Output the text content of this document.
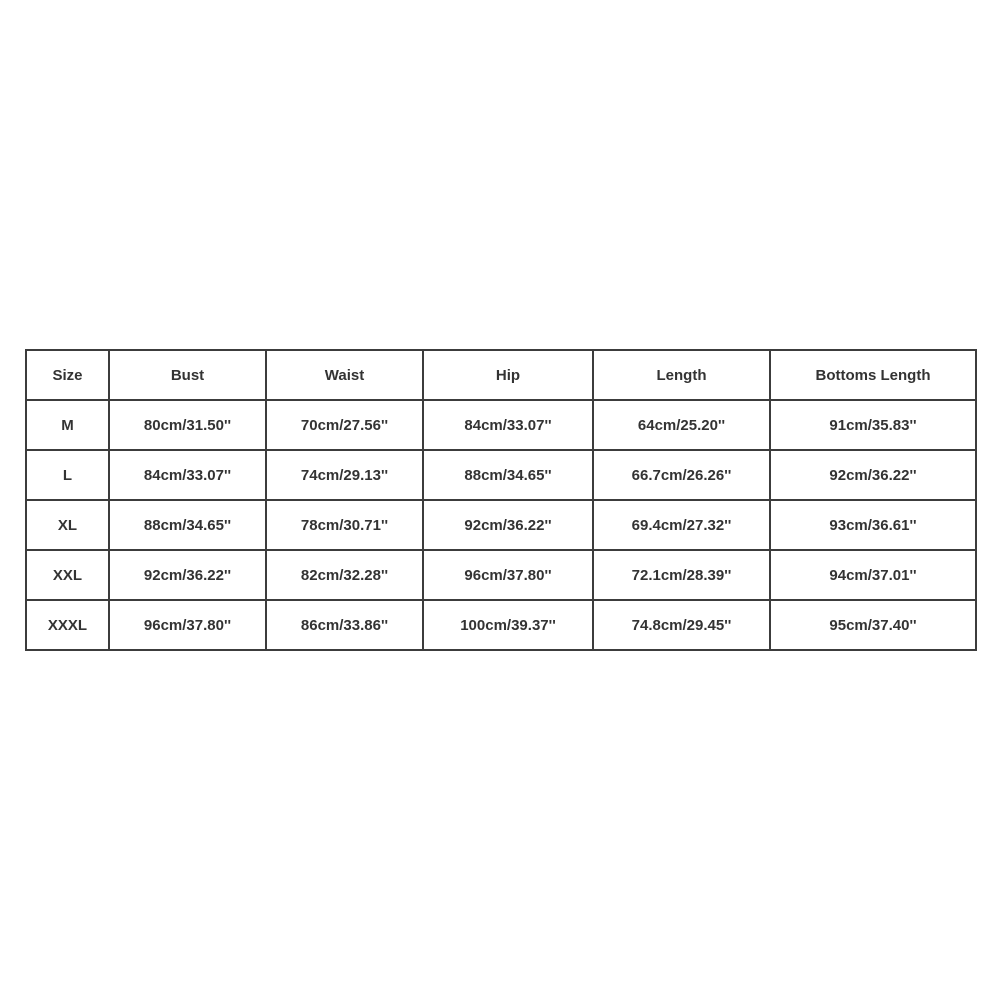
Size	Bust	Waist	Hip	Length	Bottoms Length
M	80cm/31.50''	70cm/27.56''	84cm/33.07''	64cm/25.20''	91cm/35.83''
L	84cm/33.07''	74cm/29.13''	88cm/34.65''	66.7cm/26.26''	92cm/36.22''
XL	88cm/34.65''	78cm/30.71''	92cm/36.22''	69.4cm/27.32''	93cm/36.61''
XXL	92cm/36.22''	82cm/32.28''	96cm/37.80''	72.1cm/28.39''	94cm/37.01''
XXXL	96cm/37.80''	86cm/33.86''	100cm/39.37''	74.8cm/29.45''	95cm/37.40''
